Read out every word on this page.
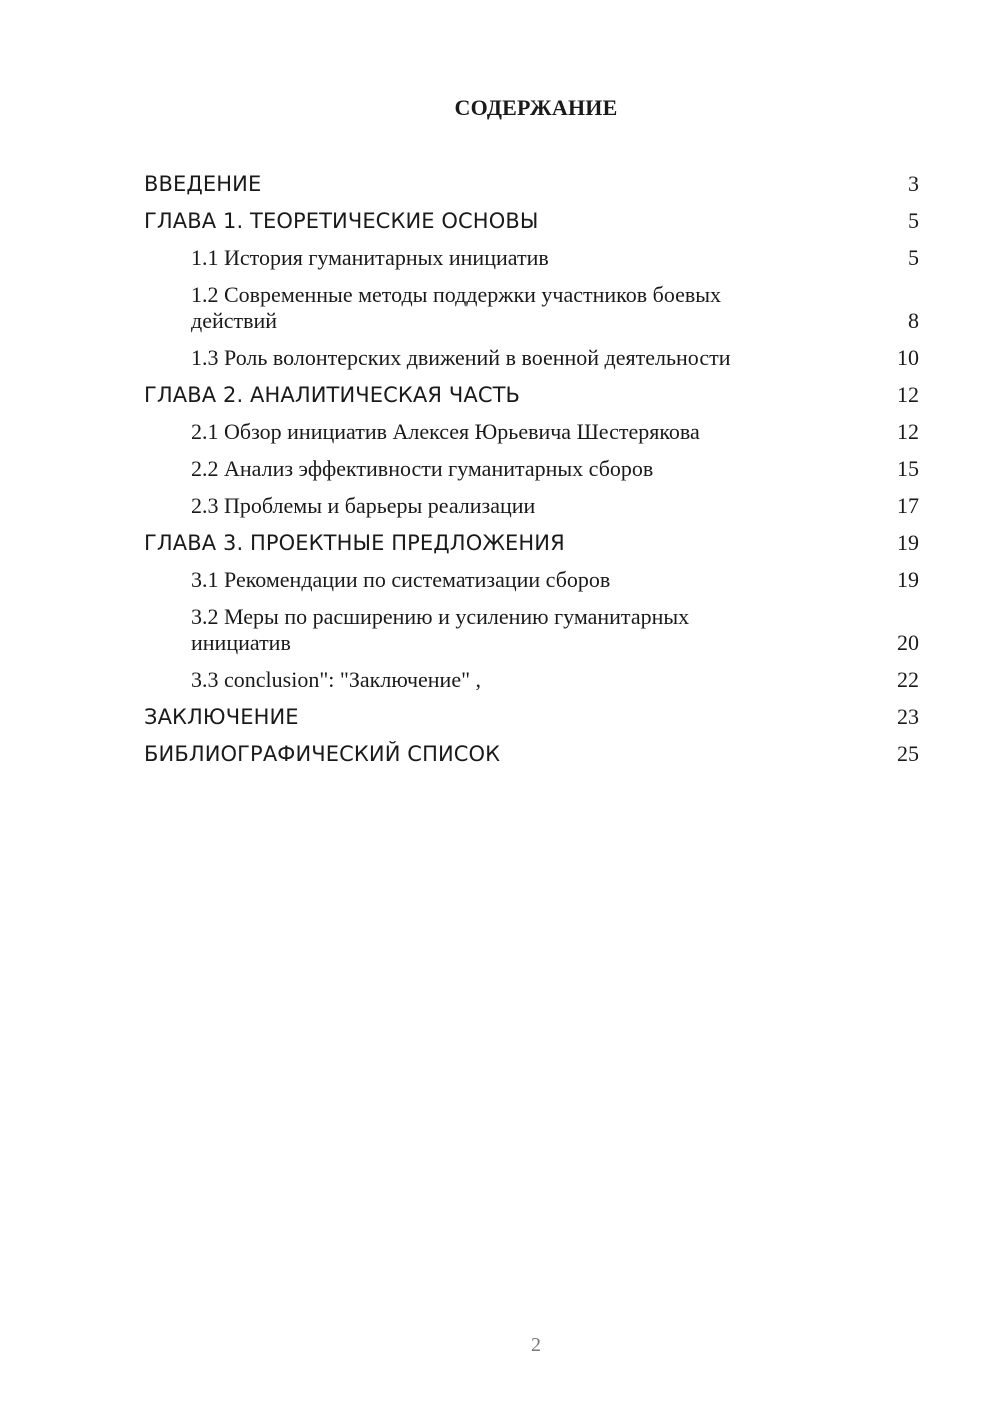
СОДЕРЖАНИЕ
ВВЕДЕНИЕ	3
ГЛАВА 1. ТЕОРЕТИЧЕСКИЕ ОСНОВЫ	5
1.1 История гуманитарных инициатив	5
1.2 Современные методы поддержки участников боевых действий	8
1.3 Роль волонтерских движений в военной деятельности	10
ГЛАВА 2. АНАЛИТИЧЕСКАЯ ЧАСТЬ	12
2.1 Обзор инициатив Алексея Юрьевича Шестерякова	12
2.2 Анализ эффективности гуманитарных сборов	15
2.3 Проблемы и барьеры реализации	17
ГЛАВА 3. ПРОЕКТНЫЕ ПРЕДЛОЖЕНИЯ	19
3.1 Рекомендации по систематизации сборов	19
3.2 Меры по расширению и усилению гуманитарных инициатив	20
3.3 conclusion": "Заключение" ,	22
ЗАКЛЮЧЕНИЕ	23
БИБЛИОГРАФИЧЕСКИЙ СПИСОК	25
2
